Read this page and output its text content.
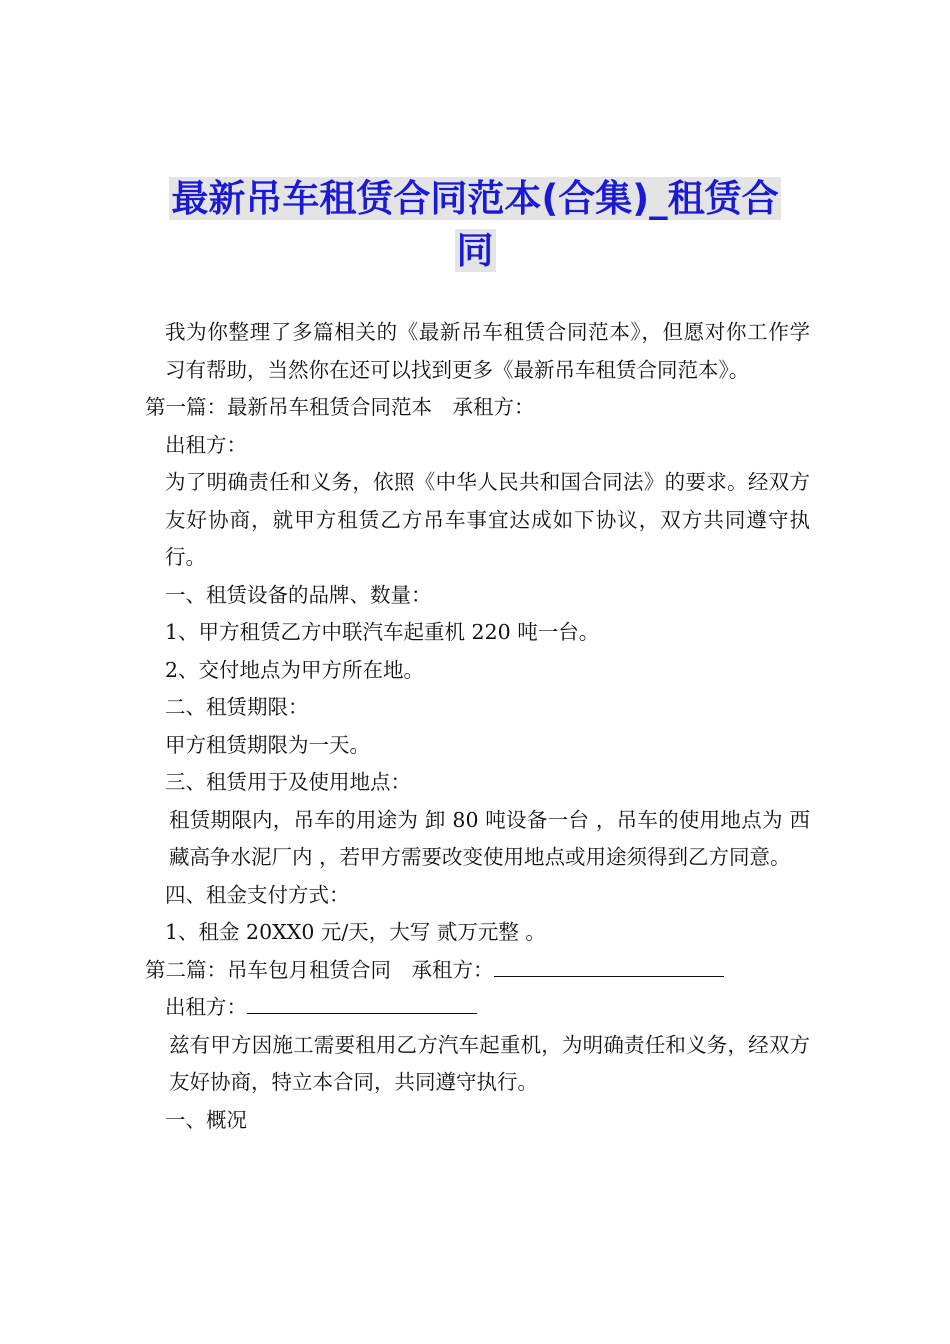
最新吊车租赁合同范本(合集)_租赁合
同

我为你整理了多篇相关的《最新吊车租赁合同范本》，但愿对你工作学习有帮助，当然你在还可以找到更多《最新吊车租赁合同范本》。

第一篇：最新吊车租赁合同范本　承租方：

出租方：

为了明确责任和义务，依照《中华人民共和国合同法》的要求。经双方友好协商，就甲方租赁乙方吊车事宜达成如下协议，双方共同遵守执行。

一、租赁设备的品牌、数量：

1、甲方租赁乙方中联汽车起重机 220 吨一台。

2、交付地点为甲方所在地。

二、租赁期限：

甲方租赁期限为一天。

三、租赁用于及使用地点：

租赁期限内，吊车的用途为 卸 80 吨设备一台 ，吊车的使用地点为 西藏高争水泥厂内 ，若甲方需要改变使用地点或用途须得到乙方同意。

四、租金支付方式：

1、租金 20XX0 元/天，大写 贰万元整 。

第二篇：吊车包月租赁合同　承租方：

出租方：

兹有甲方因施工需要租用乙方汽车起重机，为明确责任和义务，经双方友好协商，特立本合同，共同遵守执行。

一、概况
